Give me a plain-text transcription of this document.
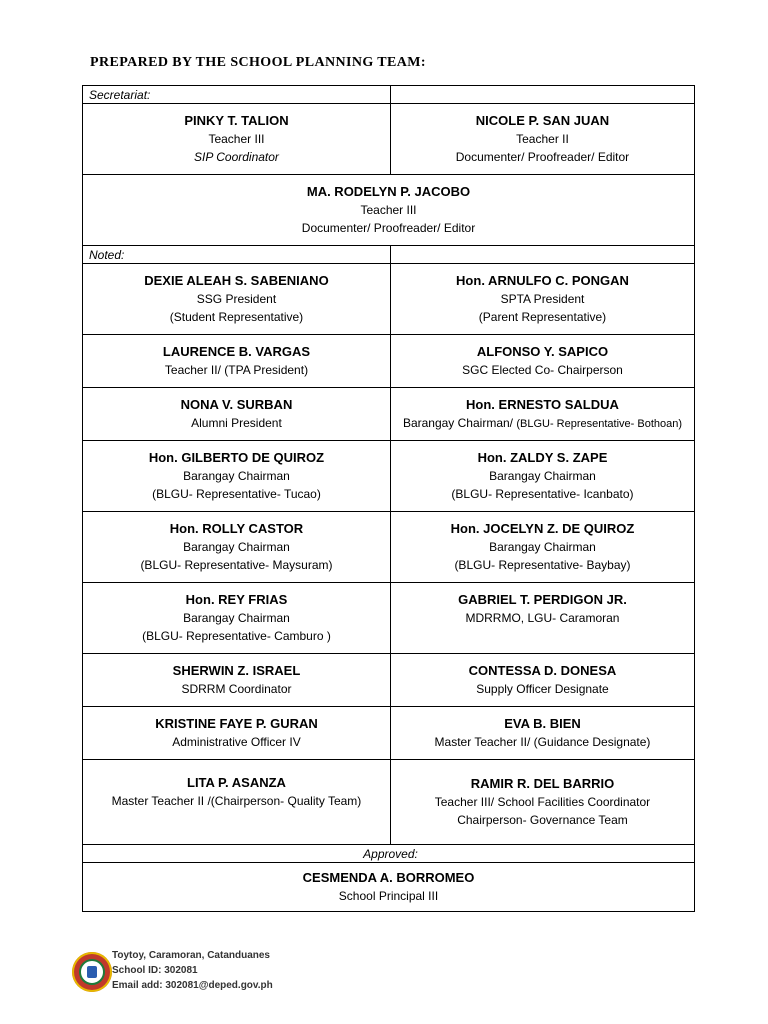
PREPARED BY THE SCHOOL PLANNING TEAM:
Secretariat:	

PINKY T. TALION
Teacher III
SIP Coordinator	NICOLE P. SAN JUAN
Teacher II
Documenter/ Proofreader/ Editor

MA. RODELYN P. JACOBO
Teacher III
Documenter/ Proofreader/ Editor	

Noted:	

DEXIE ALEAH S. SABENIANO
SSG President
(Student Representative)	Hon. ARNULFO C. PONGAN
SPTA President
(Parent Representative)

LAURENCE B. VARGAS
Teacher II/ (TPA President)	ALFONSO Y. SAPICO
SGC Elected Co- Chairperson

NONA V. SURBAN
Alumni President	Hon. ERNESTO SALDUA
Barangay Chairman/ (BLGU- Representative- Bothoan)

Hon. GILBERTO DE QUIROZ
Barangay Chairman
(BLGU- Representative- Tucao)	Hon. ZALDY S. ZAPE
Barangay Chairman
(BLGU- Representative- Icanbato)

Hon. ROLLY CASTOR
Barangay Chairman
(BLGU- Representative- Maysuram)	Hon. JOCELYN Z. DE QUIROZ
Barangay Chairman
(BLGU- Representative- Baybay)

Hon. REY FRIAS
Barangay Chairman
(BLGU- Representative- Camburo )	GABRIEL T. PERDIGON JR.
MDRRMO, LGU- Caramoran

SHERWIN Z. ISRAEL
SDRRM Coordinator	CONTESSA D. DONESA
Supply Officer Designate

KRISTINE FAYE P. GURAN
Administrative Officer IV	EVA B. BIEN
Master Teacher II/ (Guidance Designate)

LITA P. ASANZA
Master Teacher II /(Chairperson- Quality Team)	RAMIR R. DEL BARRIO
Teacher III/ School Facilities Coordinator
Chairperson- Governance Team

Approved:	

CESMENDA A. BORROMEO
School Principal III	
Toytoy, Caramoran, Catanduanes
School ID: 302081
Email add: 302081@deped.gov.ph
